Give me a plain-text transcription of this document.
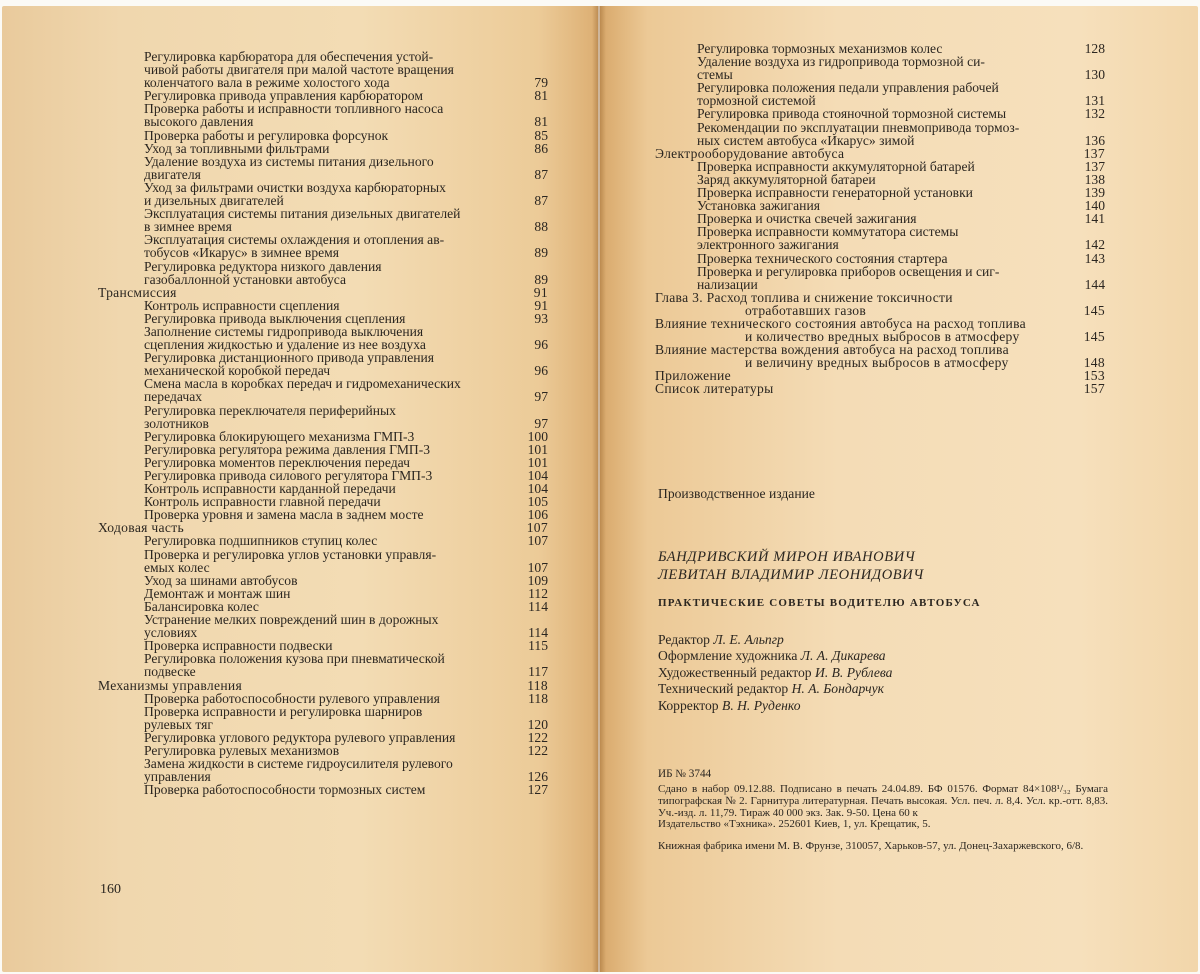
Регулировка карбюратора для обеспечения устой-
чивой работы двигателя при малой частоте вращения
коленчатого вала в режиме холостого хода	79
Регулировка привода управления карбюратором	81
Проверка работы и исправности топливного насоса
высокого давления	81
Проверка работы и регулировка форсунок	85
Уход за топливными фильтрами	86
Удаление воздуха из системы питания дизельного
двигателя	87
Уход за фильтрами очистки воздуха карбюраторных
и дизельных двигателей	87
Эксплуатация системы питания дизельных двигателей
в зимнее время	88
Эксплуатация системы охлаждения и отопления ав-
тобусов «Икарус» в зимнее время	89
Регулировка редуктора низкого давления
газобаллонной установки автобуса	89
Трансмиссия	91
Контроль исправности сцепления	91
Регулировка привода выключения сцепления	93
Заполнение системы гидропривода выключения
сцепления жидкостью и удаление из нее воздуха	96
Регулировка дистанционного привода управления
механической коробкой передач	96
Смена масла в коробках передач и гидромеханических
передачах	97
Регулировка переключателя периферийных
золотников	97
Регулировка блокирующего механизма ГМП-3	100
Регулировка регулятора режима давления ГМП-3	101
Регулировка моментов переключения передач	101
Регулировка привода силового регулятора ГМП-3	104
Контроль исправности карданной передачи	104
Контроль исправности главной передачи	105
Проверка уровня и замена масла в заднем мосте	106
Ходовая часть	107
Регулировка подшипников ступиц колес	107
Проверка и регулировка углов установки управля-
емых колес	107
Уход за шинами автобусов	109
Демонтаж и монтаж шин	112
Балансировка колес	114
Устранение мелких повреждений шин в дорожных
условиях	114
Проверка исправности подвески	115
Регулировка положения кузова при пневматической
подвеске	117
Механизмы управления	118
Проверка работоспособности рулевого управления	118
Проверка исправности и регулировка шарниров
рулевых тяг	120
Регулировка углового редуктора рулевого управления	122
Регулировка рулевых механизмов	122
Замена жидкости в системе гидроусилителя рулевого
управления	126
Проверка работоспособности тормозных систем	127
160
Регулировка тормозных механизмов колес	128
Удаление воздуха из гидропривода тормозной си-
стемы	130
Регулировка положения педали управления рабочей
тормозной системой	131
Регулировка привода стояночной тормозной системы	132
Рекомендации по эксплуатации пневмопривода тормоз-
ных систем автобуса «Икарус» зимой	136
Электрооборудование автобуса	137
Проверка исправности аккумуляторной батарей	137
Заряд аккумуляторной батареи	138
Проверка исправности генераторной установки	139
Установка зажигания	140
Проверка и очистка свечей зажигания	141
Проверка исправности коммутатора системы
электронного зажигания	142
Проверка технического состояния стартера	143
Проверка и регулировка приборов освещения и сиг-
нализации	144
Глава 3. Расход топлива и снижение токсичности
отработавших газов	145
Влияние технического состояния автобуса на расход топлива
и количество вредных выбросов в атмосферу	145
Влияние мастерства вождения автобуса на расход топлива
и величину вредных выбросов в атмосферу	148
Приложение	153
Список литературы	157
Производственное издание
БАНДРИВСКИЙ МИРОН ИВАНОВИЧ
ЛЕВИТАН ВЛАДИМИР ЛЕОНИДОВИЧ
ПРАКТИЧЕСКИЕ СОВЕТЫ ВОДИТЕЛЮ АВТОБУСА
Редактор Л. Е. Альпгр
Оформление художника Л. А. Дикарева
Художественный редактор И. В. Рублева
Технический редактор Н. А. Бондарчук
Корректор В. Н. Руденко
ИБ № 3744
Сдано в набор 09.12.88. Подписано в печать 24.04.89. БФ 01576. Формат 84×108¹/₃₂ Бумага типографская № 2. Гарнитура литературная. Печать высокая. Усл. печ. л. 8,4. Усл. кр.-отт. 8,83. Уч.-изд. л. 11,79. Тираж 40 000 экз. Зак. 9-50. Цена 60 к
Издательство «Тэхника». 252601 Киев, 1, ул. Крещатик, 5.
Книжная фабрика имени М. В. Фрунзе, 310057, Харьков-57, ул. Донец-Захаржевского, 6/8.
